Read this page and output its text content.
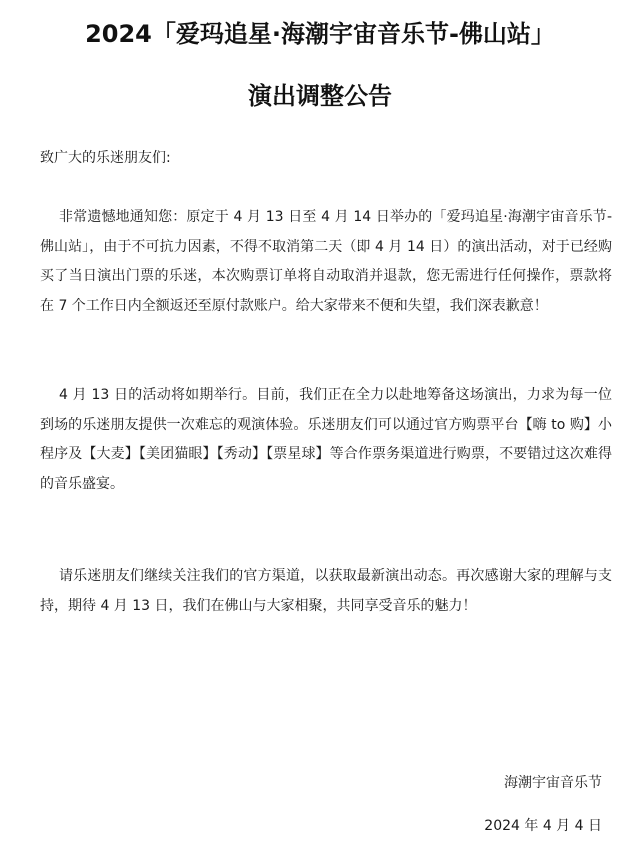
2024「爱玛追星·海潮宇宙音乐节-佛山站」
演出调整公告

致广大的乐迷朋友们:

非常遗憾地通知您：原定于 4 月 13 日至 4 月 14 日举办的「爱玛追星·海潮宇宙音乐节-佛山站」，由于不可抗力因素，不得不取消第二天（即 4 月 14 日）的演出活动，对于已经购买了当日演出门票的乐迷，本次购票订单将自动取消并退款，您无需进行任何操作，票款将在 7 个工作日内全额返还至原付款账户。给大家带来不便和失望，我们深表歉意！

4 月 13 日的活动将如期举行。目前，我们正在全力以赴地筹备这场演出，力求为每一位到场的乐迷朋友提供一次难忘的观演体验。乐迷朋友们可以通过官方购票平台【嗨 to 购】小程序及【大麦】【美团猫眼】【秀动】【票星球】等合作票务渠道进行购票，不要错过这次难得的音乐盛宴。

请乐迷朋友们继续关注我们的官方渠道，以获取最新演出动态。再次感谢大家的理解与支持，期待 4 月 13 日，我们在佛山与大家相聚，共同享受音乐的魅力！

海潮宇宙音乐节

2024 年 4 月 4 日
